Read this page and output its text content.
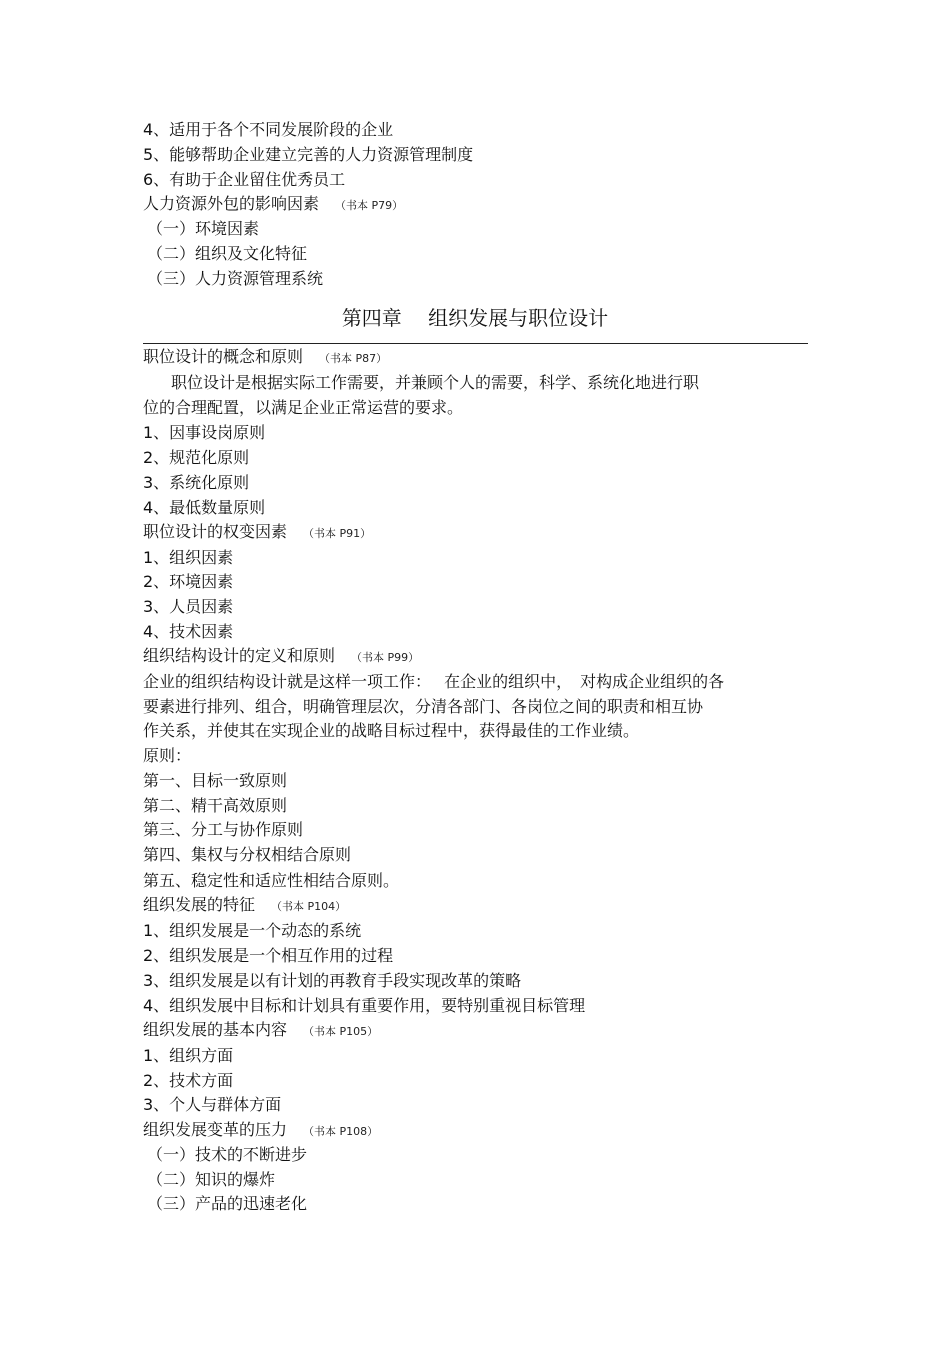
4、适用于各个不同发展阶段的企业
5、能够帮助企业建立完善的人力资源管理制度
6、有助于企业留住优秀员工
人力资源外包的影响因素 （书本 P79）
（一）环境因素
（二）组织及文化特征
（三）人力资源管理系统
第四章　 组织发展与职位设计
职位设计的概念和原则 （书本 P87）
职位设计是根据实际工作需要，并兼顾个人的需要，科学、系统化地进行职
位的合理配置，以满足企业正常运营的要求。
1、因事设岗原则
2、规范化原则
3、系统化原则
4、最低数量原则
职位设计的权变因素 （书本 P91）
1、组织因素
2、环境因素
3、人员因素
4、技术因素
组织结构设计的定义和原则 （书本 P99）
企业的组织结构设计就是这样一项工作：　 在企业的组织中，　对构成企业组织的各
要素进行排列、组合，明确管理层次，分清各部门、各岗位之间的职责和相互协
作关系，并使其在实现企业的战略目标过程中，获得最佳的工作业绩。
原则：
第一、目标一致原则
第二、精干高效原则
第三、分工与协作原则
第四、集权与分权相结合原则
第五、稳定性和适应性相结合原则。
组织发展的特征 （书本 P104）
1、组织发展是一个动态的系统
2、组织发展是一个相互作用的过程
3、组织发展是以有计划的再教育手段实现改革的策略
4、组织发展中目标和计划具有重要作用，要特别重视目标管理
组织发展的基本内容 （书本 P105）
1、组织方面
2、技术方面
3、个人与群体方面
组织发展变革的压力 （书本 P108）
（一）技术的不断进步
（二）知识的爆炸
（三）产品的迅速老化
